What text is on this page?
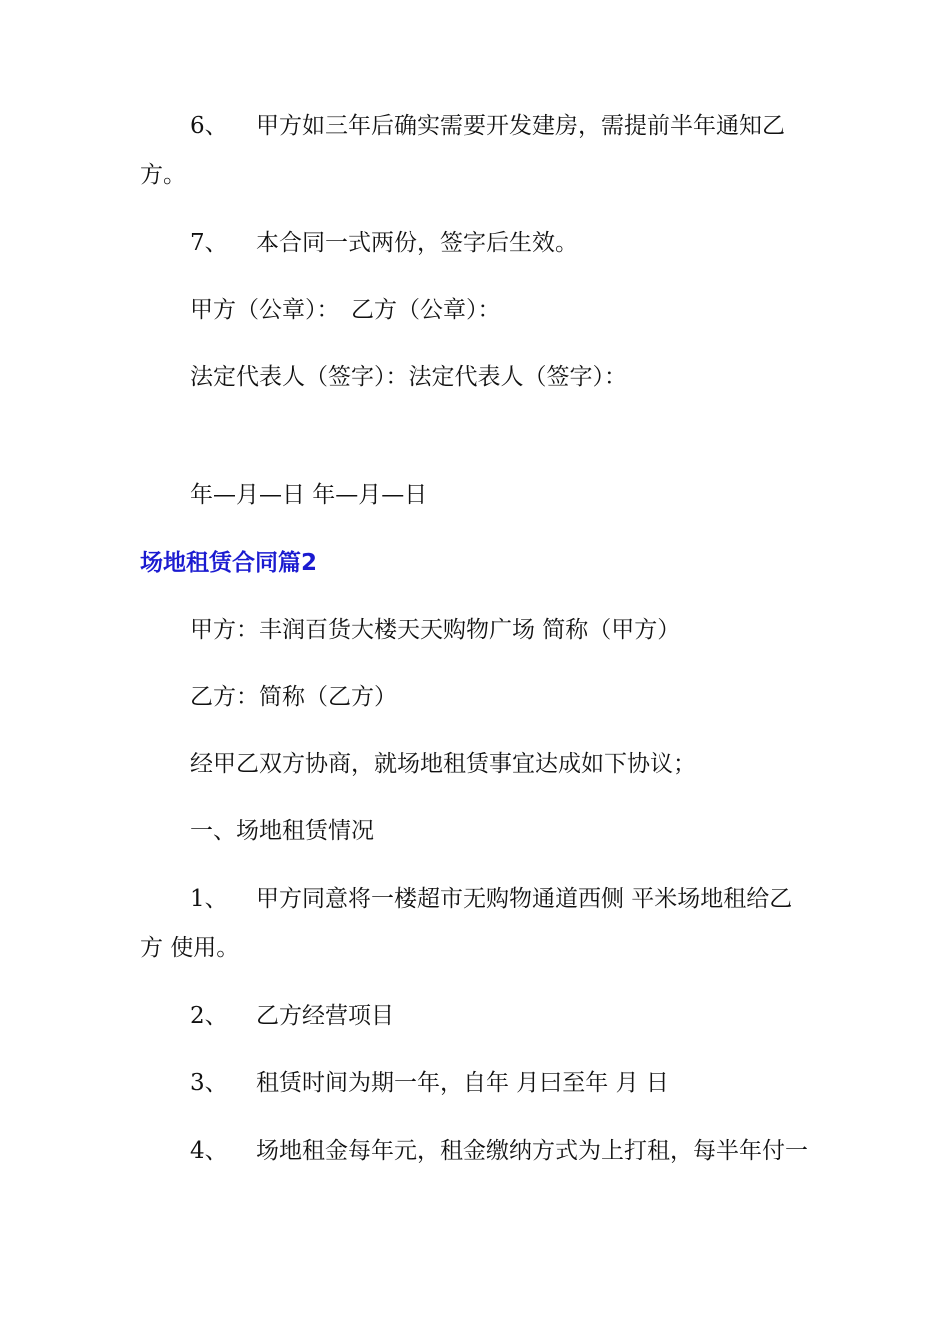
6、 甲方如三年后确实需要开发建房，需提前半年通知乙
方。
7、 本合同一式两份，签字后生效。
甲方（公章）：　乙方（公章）：
法定代表人（签字）：法定代表人（签字）：
年—月—日 年—月—日
场地租赁合同篇2
甲方：丰润百货大楼天天购物广场 简称（甲方）
乙方：简称（乙方）
经甲乙双方协商，就场地租赁事宜达成如下协议；
一、场地租赁情况
1、 甲方同意将一楼超市无购物通道西侧 平米场地租给乙
方 使用。
2、 乙方经营项目
3、 租赁时间为期一年，自年 月曰至年 月 日
4、 场地租金每年元，租金缴纳方式为上打租，每半年付一
